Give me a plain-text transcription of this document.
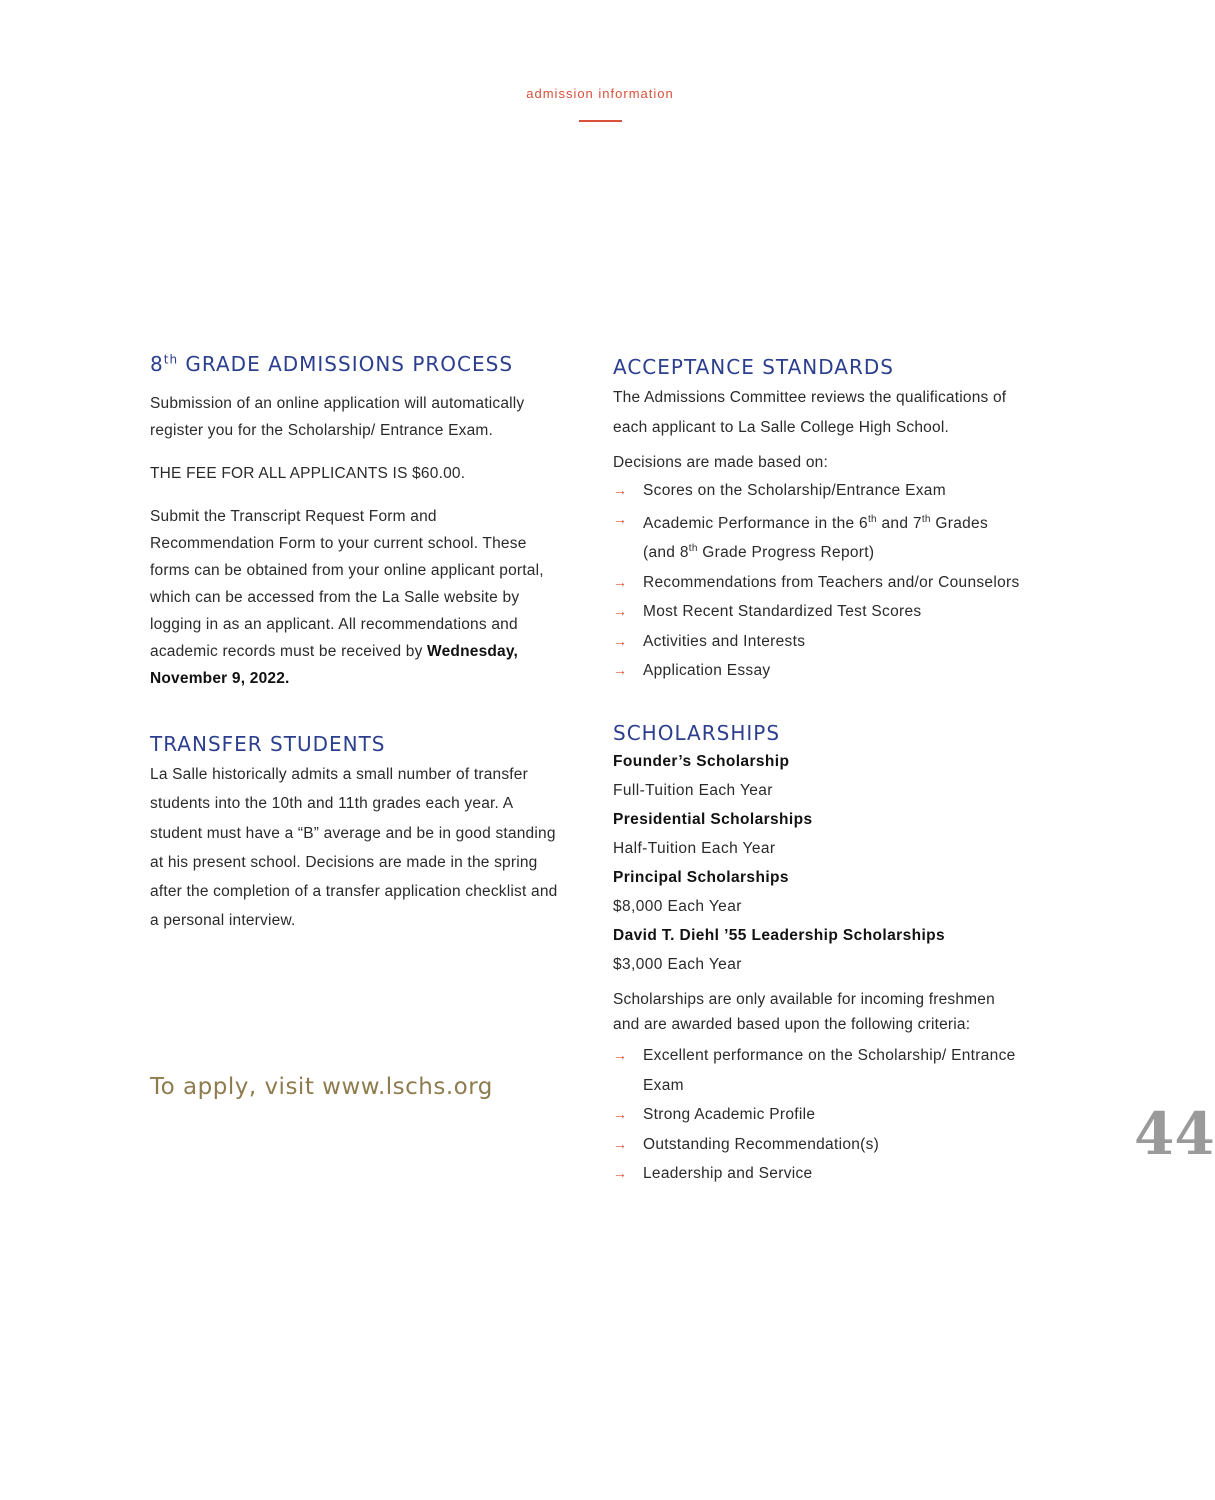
admission information
8th GRADE ADMISSIONS PROCESS

Submission of an online application will automatically register you for the Scholarship/ Entrance Exam.

THE FEE FOR ALL APPLICANTS IS $60.00.

Submit the Transcript Request Form and Recommendation Form to your current school. These forms can be obtained from your online applicant portal, which can be accessed from the La Salle website by logging in as an applicant. All recommendations and academic records must be received by Wednesday, November 9, 2022.

TRANSFER STUDENTS

La Salle historically admits a small number of transfer students into the 10th and 11th grades each year. A student must have a “B” average and be in good standing at his present school. Decisions are made in the spring after the completion of a transfer application checklist and a personal interview.

To apply, visit www.lschs.org
ACCEPTANCE STANDARDS

The Admissions Committee reviews the qualifications of each applicant to La Salle College High School.

Decisions are made based on:

→ Scores on the Scholarship/Entrance Exam
→ Academic Performance in the 6th and 7th Grades (and 8th Grade Progress Report)
→ Recommendations from Teachers and/or Counselors
→ Most Recent Standardized Test Scores
→ Activities and Interests
→ Application Essay
SCHOLARSHIPS
Founder’s Scholarship
Full-Tuition Each Year
Presidential Scholarships
Half-Tuition Each Year
Principal Scholarships
$8,000 Each Year
David T. Diehl ’55 Leadership Scholarships
$3,000 Each Year

Scholarships are only available for incoming freshmen and are awarded based upon the following criteria:

→ Excellent performance on the Scholarship/ Entrance Exam
→ Strong Academic Profile
→ Outstanding Recommendation(s)
→ Leadership and Service
44
